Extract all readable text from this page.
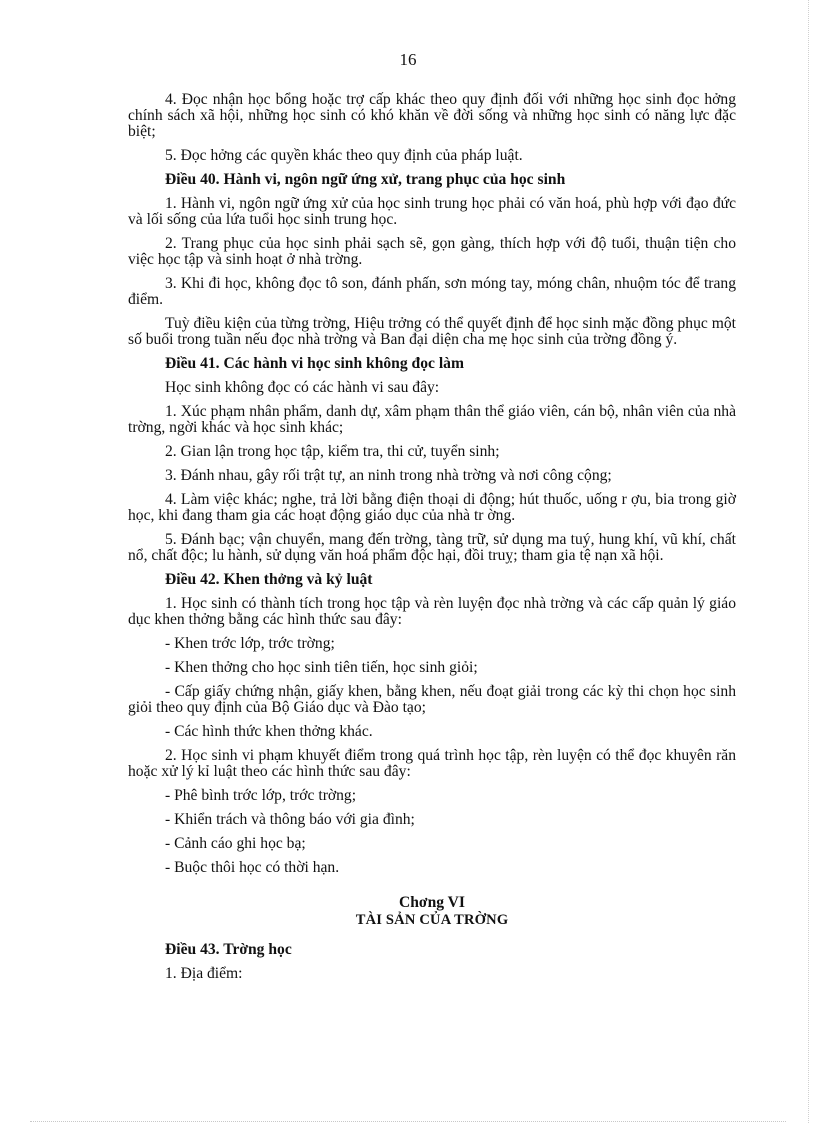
16

4. Đọc nhận học bổng hoặc trợ cấp khác theo quy định đối với những học sinh đọc hởng chính sách xã hội, những học sinh có khó khăn về đời sống và những học sinh có năng lực đặc biệt;

5. Đọc hởng các quyền khác theo quy định của pháp luật.

Điều 40. Hành vi, ngôn ngữ ứng xử, trang phục của học sinh

1. Hành vi, ngôn ngữ ứng xử của học sinh trung học phải có văn hoá, phù hợp với đạo đức và lối sống của lứa tuổi học sinh trung học.

2. Trang phục của học sinh phải sạch sẽ, gọn gàng, thích hợp với độ tuổi, thuận tiện cho việc học tập và sinh hoạt ở nhà trờng.

3. Khi đi học, không đọc tô son, đánh phấn, sơn móng tay, móng chân, nhuộm tóc để trang điểm.

Tuỳ điều kiện của từng trờng, Hiệu trởng có thể quyết định để học sinh mặc đồng phục một số buổi trong tuần nếu đọc nhà trờng và Ban đại diện cha mẹ học sinh của trờng đồng ý.

Điều 41. Các hành vi học sinh không đọc làm

Học sinh không đọc có các hành vi sau đây:

1. Xúc phạm nhân phẩm, danh dự, xâm phạm thân thể giáo viên, cán bộ, nhân viên của nhà trờng, ngời khác và học sinh khác;

2. Gian lận trong học tập, kiểm tra, thi cử, tuyển sinh;

3. Đánh nhau, gây rối trật tự, an ninh trong nhà trờng và nơi công cộng;

4. Làm việc khác; nghe, trả lời bằng điện thoại di động; hút thuốc, uống r ợu, bia trong giờ học, khi đang tham gia các hoạt động giáo dục của nhà tr ờng.

5. Đánh bạc; vận chuyển, mang đến trờng, tàng trữ, sử dụng ma tuý, hung khí, vũ khí, chất nổ, chất độc; lu hành, sử dụng văn hoá phẩm độc hại, đồi truỵ; tham gia tệ nạn xã hội.

Điều 42. Khen thởng và kỷ luật

1. Học sinh có thành tích trong học tập và rèn luyện đọc nhà trờng và các cấp quản lý giáo dục khen thởng bằng các hình thức sau đây:

- Khen trớc lớp, trớc trờng;

- Khen thởng cho học sinh tiên tiến, học sinh giỏi;

- Cấp giấy chứng nhận, giấy khen, bằng khen, nếu đoạt giải trong các kỳ thi chọn học sinh giỏi theo quy định của Bộ Giáo dục và Đào tạo;

- Các hình thức khen thởng khác.

2. Học sinh vi phạm khuyết điểm trong quá trình học tập, rèn luyện có thể đọc khuyên răn hoặc xử lý kỉ luật theo các hình thức sau đây:

- Phê bình trớc lớp, trớc trờng;

- Khiển trách và thông báo với gia đình;

- Cảnh cáo ghi học bạ;

- Buộc thôi học có thời hạn.

Chơng VI
TÀI SẢN CỦA TRỜNG

Điều 43. Trờng học

1. Địa điểm:
